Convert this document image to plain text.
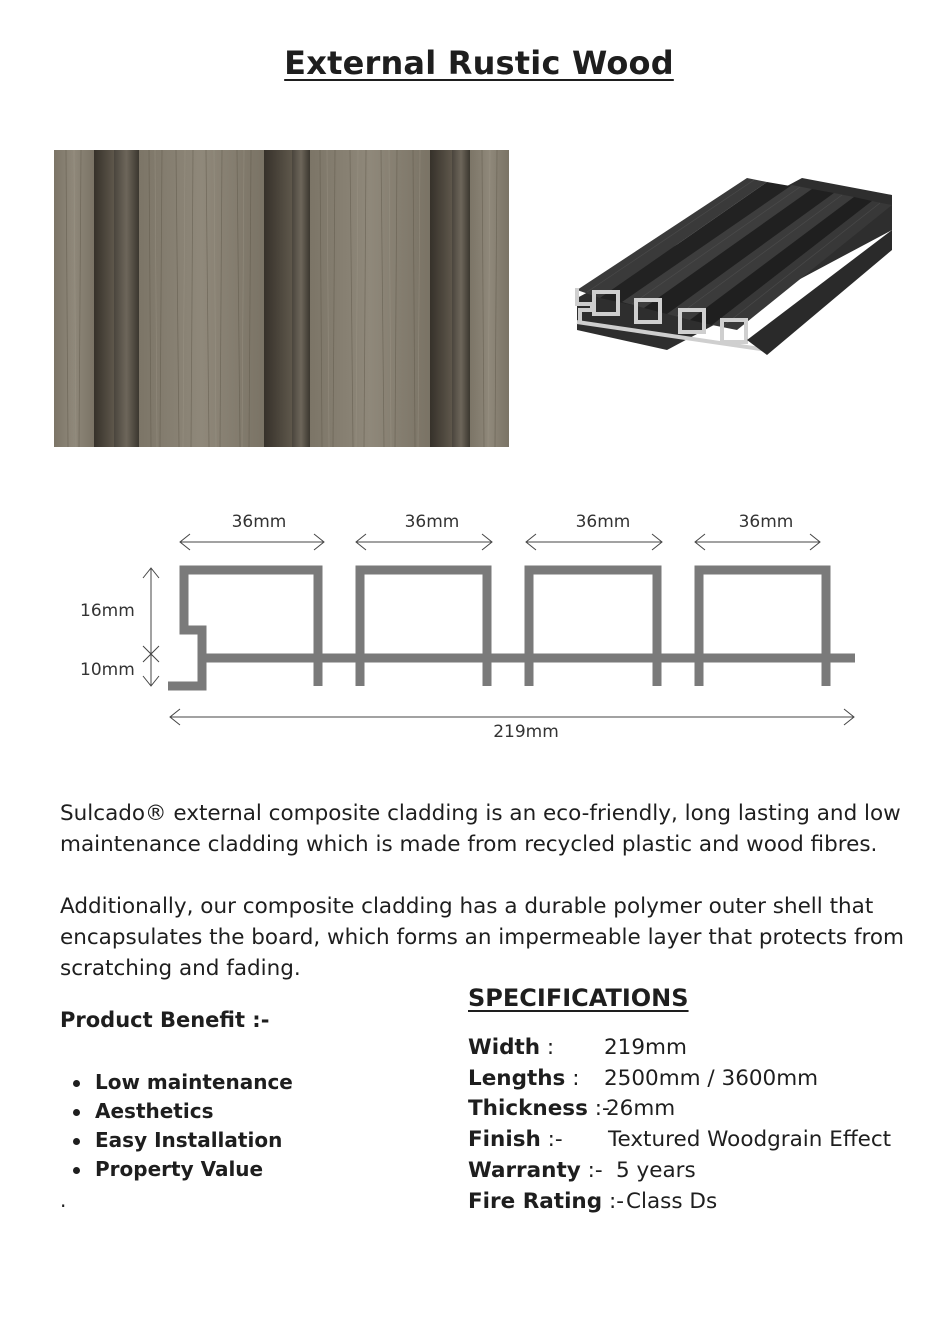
External Rustic Wood
36mm	36mm	36mm	36mm
16mm
10mm
219mm
Sulcado® external composite cladding is an eco-friendly, long lasting and low maintenance cladding which is made from recycled plastic and wood fibres.
Additionally, our composite cladding has a durable polymer outer shell that encapsulates the board, which forms an impermeable layer that protects from scratching and fading.
Product Benefit :-
Low maintenance
Aesthetics
Easy Installation
Property Value
.
SPECIFICATIONS
Width : 219mm
Lengths : 2500mm / 3600mm
Thickness :-
26mm
Finish :- Textured Woodgrain Effect
Warranty :- 5 years
Fire Rating :- Class Ds
